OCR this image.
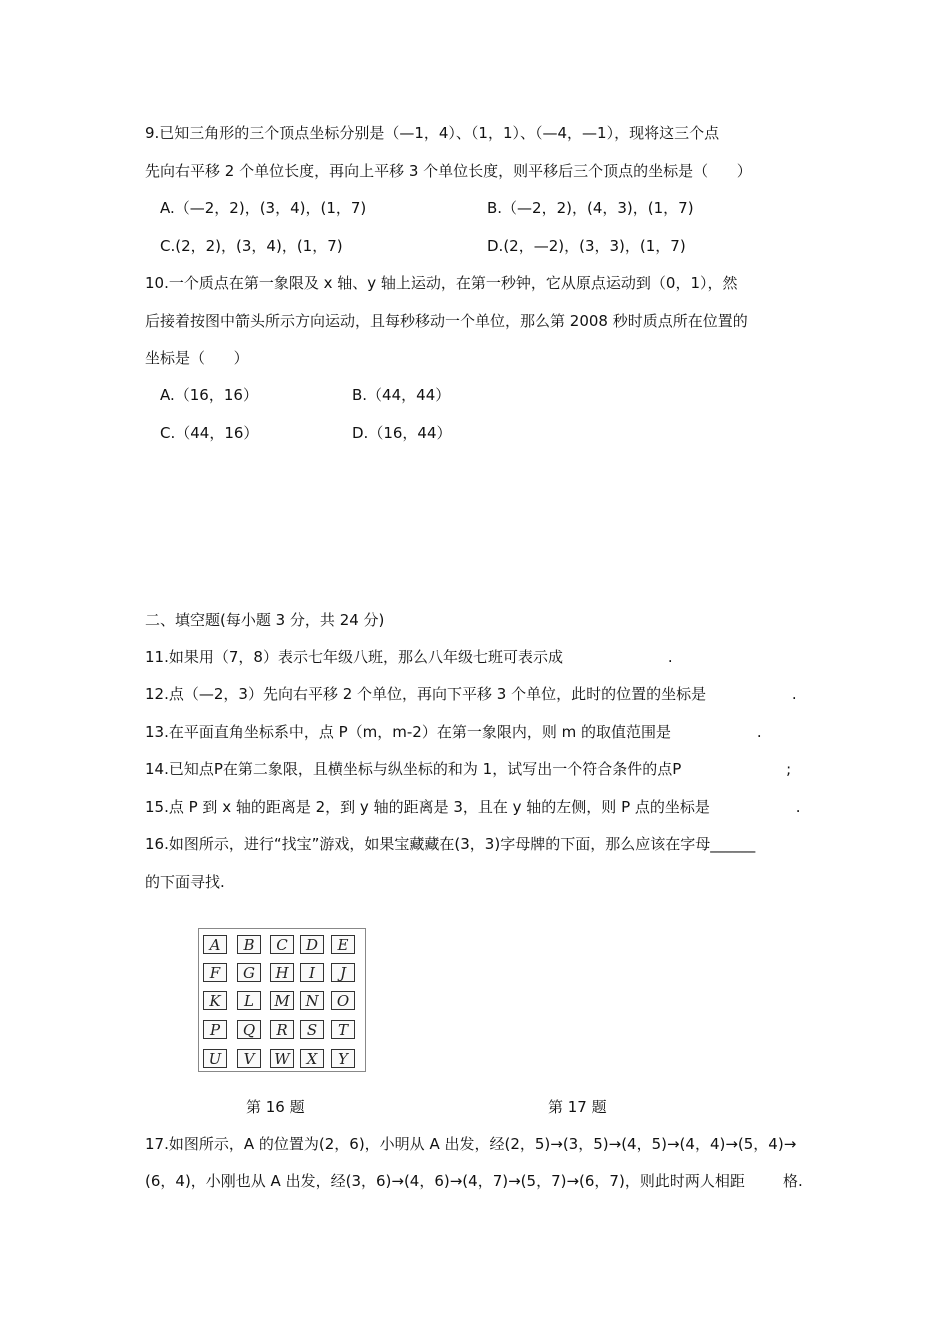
9.已知三角形的三个顶点坐标分别是（—1，4）、（1，1）、（—4，—1），现将这三个点
先向右平移 2 个单位长度，再向上平移 3 个单位长度，则平移后三个顶点的坐标是（      ）
A.（—2，2)，(3，4)，(1，7)	B.（—2，2)，(4，3)，(1，7)
C.(2，2)，(3，4)，(1，7)	D.(2，—2)，(3，3)，(1，7)
10.一个质点在第一象限及 x 轴、y 轴上运动，在第一秒钟，它从原点运动到（0，1），然
后接着按图中箭头所示方向运动，且每秒移动一个单位，那么第 2008 秒时质点所在位置的
坐标是（      ）
A.（16，16）	B.（44，44）
C.（44，16）	D.（16，44）
二、填空题(每小题 3 分，共 24 分)
11.如果用（7，8）表示七年级八班，那么八年级七班可表示成                      .
12.点（—2，3）先向右平移 2 个单位，再向下平移 3 个单位，此时的位置的坐标是                  .
13.在平面直角坐标系中，点 P（m，m-2）在第一象限内，则 m 的取值范围是                  .
14.已知点P在第二象限，且横坐标与纵坐标的和为 1，试写出一个符合条件的点P                      ;
15.点 P 到 x 轴的距离是 2，到 y 轴的距离是 3，且在 y 轴的左侧，则 P 点的坐标是                  .
16.如图所示，进行“找宝”游戏，如果宝藏藏在(3，3)字母牌的下面，那么应该在字母______
的下面寻找.
A	B	C	D	E
F	G	H	I	J
K	L	M	N	O
P	Q	R	S	T
U	V	W	X	Y
第 16 题	第 17 题
17.如图所示，A 的位置为(2，6)，小明从 A 出发，经(2，5)→(3，5)→(4，5)→(4，4)→(5，4)→
(6，4)，小刚也从 A 出发，经(3，6)→(4，6)→(4，7)→(5，7)→(6，7)，则此时两人相距        格.
